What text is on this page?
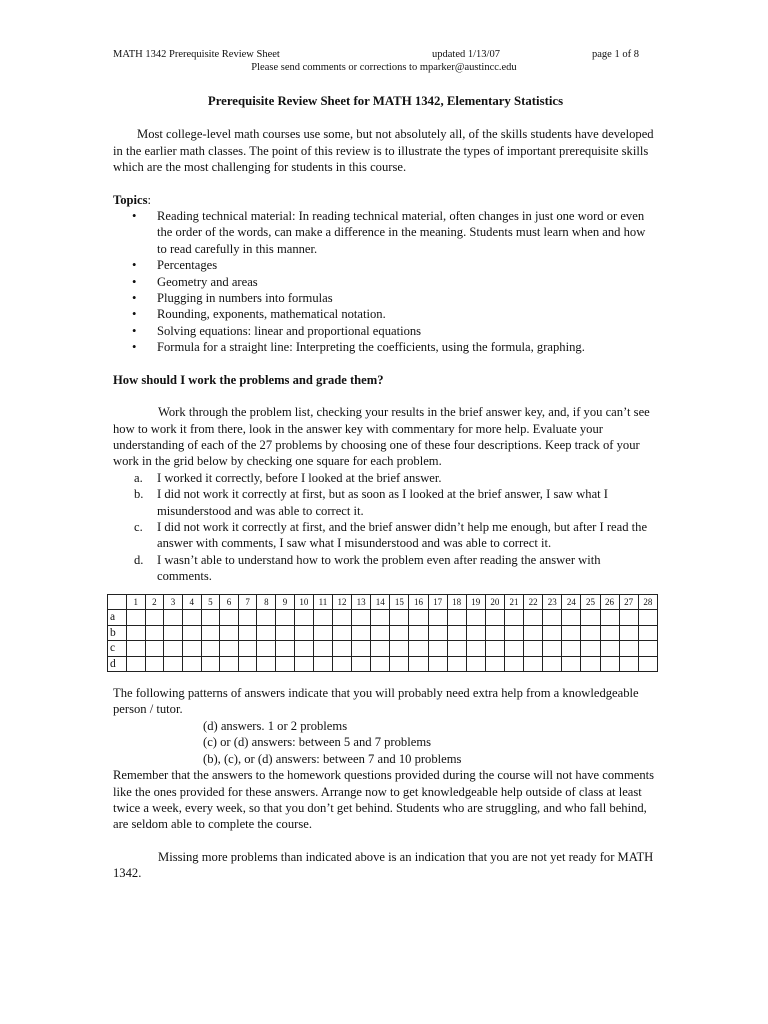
MATH 1342 Prerequisite Review Sheet	updated 1/13/07	page 1 of 8
Please send comments or corrections to mparker@austincc.edu

Prerequisite Review Sheet for MATH 1342, Elementary Statistics

Most college-level math courses use some, but not absolutely all, of the skills students have developed in the earlier math classes. The point of this review is to illustrate the types of important prerequisite skills which are the most challenging for students in this course.

Topics:

• Reading technical material: In reading technical material, often changes in just one word or even the order of the words, can make a difference in the meaning. Students must learn when and how to read carefully in this manner.
• Percentages
• Geometry and areas
• Plugging in numbers into formulas
• Rounding, exponents, mathematical notation.
• Solving equations: linear and proportional equations
• Formula for a straight line: Interpreting the coefficients, using the formula, graphing.

How should I work the problems and grade them?

Work through the problem list, checking your results in the brief answer key, and, if you can’t see how to work it from there, look in the answer key with commentary for more help. Evaluate your understanding of each of the 27 problems by choosing one of these four descriptions. Keep track of your work in the grid below by checking one square for each problem.

a. I worked it correctly, before I looked at the brief answer.
b. I did not work it correctly at first, but as soon as I looked at the brief answer, I saw what I misunderstood and was able to correct it.
c. I did not work it correctly at first, and the brief answer didn’t help me enough, but after I read the answer with comments, I saw what I misunderstood and was able to correct it.
d. I wasn’t able to understand how to work the problem even after reading the answer with comments.
	1	2	3	4	5	6	7	8	9	10	11	12	13	14	15	16	17	18	19	20	21	22	23	24	25	26	27	28
a																												
b																												
c																												
d																												

The following patterns of answers indicate that you will probably need extra help from a knowledgeable person / tutor.

(d) answers. 1 or 2 problems

(c) or (d) answers: between 5 and 7 problems

(b), (c), or (d) answers: between 7 and 10 problems

Remember that the answers to the homework questions provided during the course will not have comments like the ones provided for these answers. Arrange now to get knowledgeable help outside of class at least twice a week, every week, so that you don’t get behind. Students who are struggling, and who fall behind, are seldom able to complete the course.

Missing more problems than indicated above is an indication that you are not yet ready for MATH 1342.
